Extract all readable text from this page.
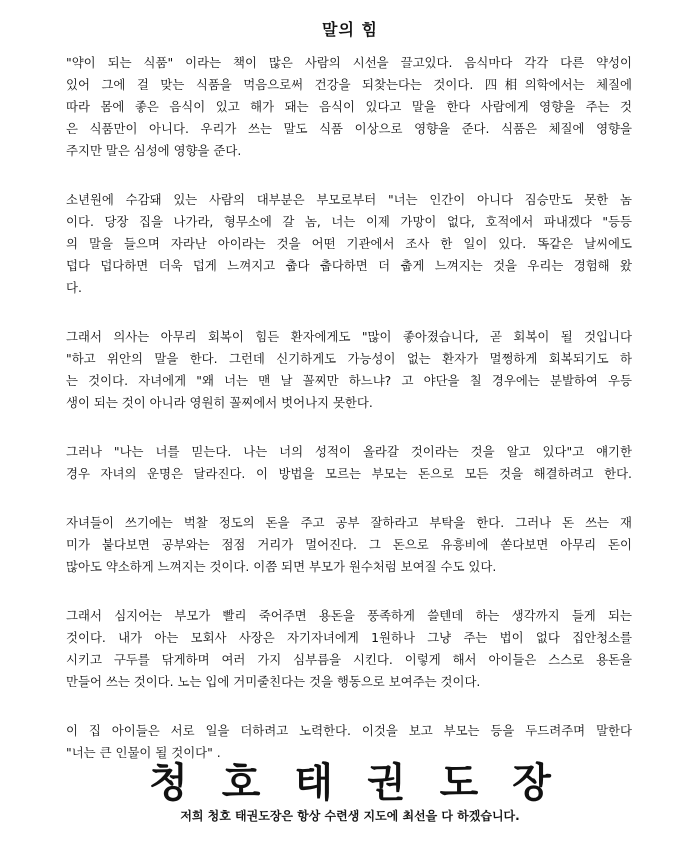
말의 힘

"약이 되는 식품" 이라는 책이 많은 사람의 시선을 끌고있다. 음식마다 각각 다른 약성이
있어 그에 걸 맞는 식품을 먹음으로써 건강을 되찾는다는 것이다. 四相의학에서는 체질에
따라 몸에 좋은 음식이 있고 해가 돼는 음식이 있다고 말을 한다 사람에게 영향을 주는 것
은 식품만이 아니다. 우리가 쓰는 말도 식품 이상으로 영향을 준다. 식품은 체질에 영향을
주지만 말은 심성에 영향을 준다.

소년원에 수감돼 있는 사람의 대부분은 부모로부터 "너는 인간이 아니다 짐승만도 못한 놈
이다. 당장 집을 나가라, 형무소에 갈 놈, 너는 이제 가망이 없다, 호적에서 파내겠다 "등등
의 말을 들으며 자라난 아이라는 것을 어떤 기관에서 조사 한 일이 있다. 똑같은 날씨에도
덥다 덥다하면 더욱 덥게 느껴지고 춥다 춥다하면 더 춥게 느껴지는 것을 우리는 경험해 왔
다.

그래서 의사는 아무리 회복이 힘든 환자에게도 "많이 좋아졌습니다, 곧 회복이 될 것입니다
"하고 위안의 말을 한다. 그런데 신기하게도 가능성이 없는 환자가 멀쩡하게 회복되기도 하
는 것이다. 자녀에게 "왜 너는 맨 날 꼴찌만 하느냐? 고 야단을 칠 경우에는 분발하여 우등
생이 되는 것이 아니라 영원히 꼴찌에서 벗어나지 못한다.

그러나 "나는 너를 믿는다. 나는 너의 성적이 올라갈 것이라는 것을 알고 있다"고 얘기한
경우 자녀의 운명은 달라진다. 이 방법을 모르는 부모는 돈으로 모든 것을 해결하려고 한다.

자녀들이 쓰기에는 벅찰 정도의 돈을 주고 공부 잘하라고 부탁을 한다. 그러나 돈 쓰는 재
미가 붙다보면 공부와는 점점 거리가 멀어진다. 그 돈으로 유흥비에 쏟다보면 아무리 돈이
많아도 약소하게 느껴지는 것이다. 이쯤 되면 부모가 원수처럼 보여질 수도 있다.

그래서 심지어는 부모가 빨리 죽어주면 용돈을 풍족하게 쓸텐데 하는 생각까지 들게 되는
것이다. 내가 아는 모회사 사장은 자기자녀에게 1원하나 그냥 주는 법이 없다 집안청소를
시키고 구두를 닦게하며 여러 가지 심부름을 시킨다. 이렇게 해서 아이들은 스스로 용돈을
만들어 쓰는 것이다. 노는 입에 거미줄친다는 것을 행동으로 보여주는 것이다.

이 집 아이들은 서로 일을 더하려고 노력한다. 이것을 보고 부모는 등을 두드려주며 말한다
"너는 큰 인물이 될 것이다" .

청호태권도장
저희 청호 태권도장은 항상 수련생 지도에 최선을 다 하겠습니다.
